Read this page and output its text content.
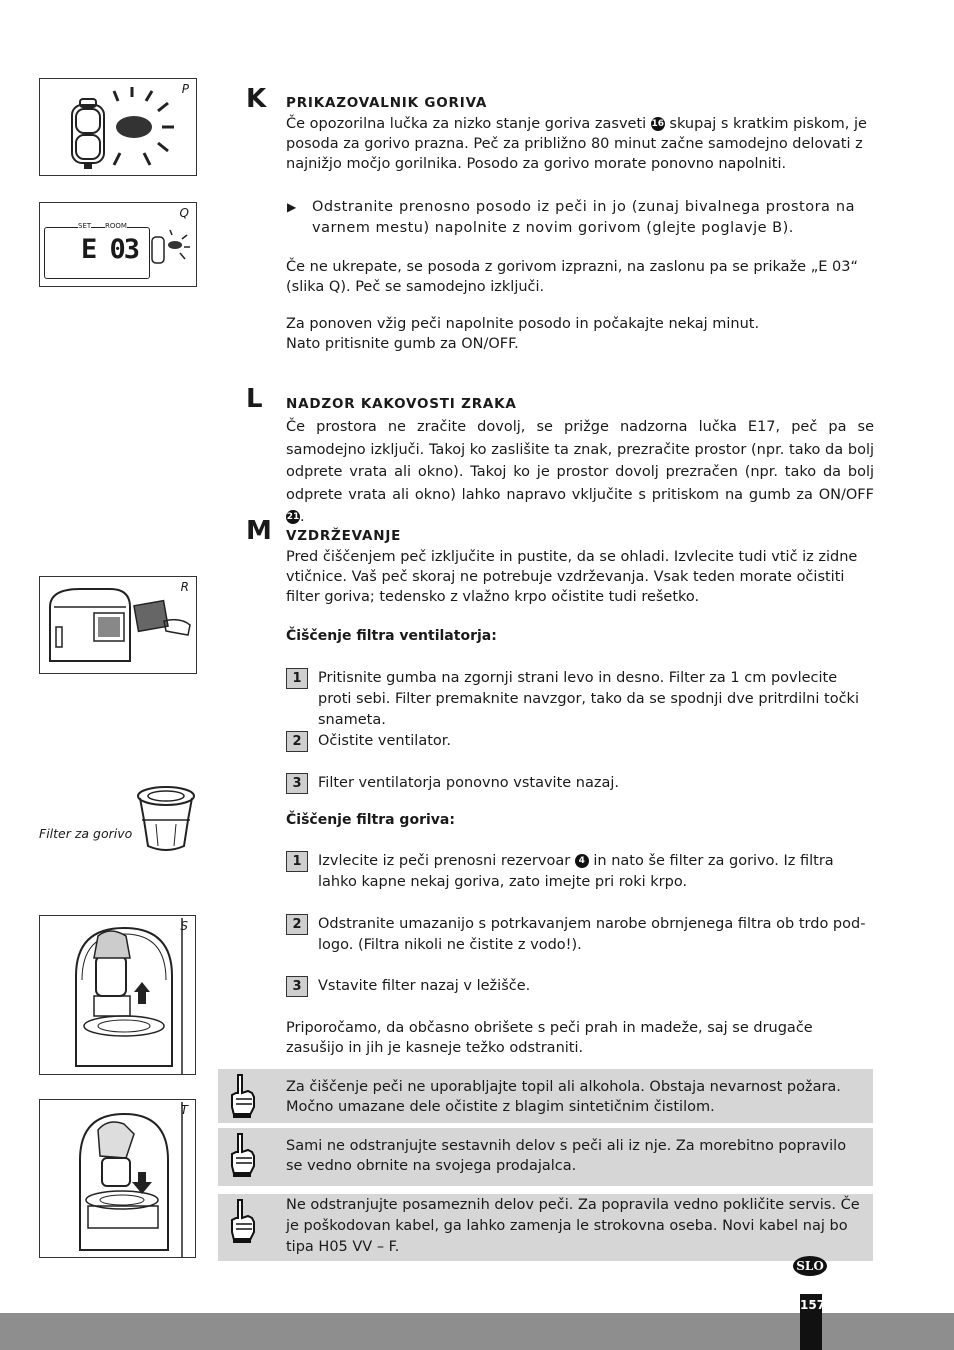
P
Q
SET ROOM
E 03
R
Filter za gorivo
S
T
K PRIKAZOVALNIK GORIVA
Če opozorilna lučka za nizko stanje goriva zasveti 16 skupaj s kratkim piskom, je posoda za gorivo prazna. Peč za približno 80 minut začne samodejno delovati z najnižjo močjo gorilnika. Posodo za gorivo morate ponovno napolniti.
▶ Odstranite prenosno posodo iz peči in jo (zunaj bivalnega prostora na varnem mestu) napolnite z novim gorivom (glejte poglavje B).
Če ne ukrepate, se posoda z gorivom izprazni, na zaslonu pa se prikaže „E 03“ (slika Q). Peč se samodejno izključi.
Za ponoven vžig peči napolnite posodo in počakajte nekaj minut.
Nato pritisnite gumb za ON/OFF.
L NADZOR KAKOVOSTI ZRAKA
Če prostora ne zračite dovolj, se prižge nadzorna lučka E17, peč pa se samodejno izključi. Takoj ko zaslišite ta znak, prezračite prostor (npr. tako da bolj odprete vrata ali okno). Takoj ko je prostor dovolj prezračen (npr. tako da bolj odprete vrata ali okno) lahko napravo vključite s pritiskom na gumb za ON/OFF 21.
M VZDRŽEVANJE
Pred čiščenjem peč izključite in pustite, da se ohladi. Izvlecite tudi vtič iz zidne vtičnice. Vaš peč skoraj ne potrebuje vzdrževanja. Vsak teden morate očistiti filter goriva; tedensko z vlažno krpo očistite tudi rešetko.
Čiščenje filtra ventilatorja:
1	Pritisnite gumba na zgornji strani levo in desno. Filter za 1 cm povlecite proti sebi. Filter premaknite navzgor, tako da se spodnji dve pritrdilni točki snameta.
2	Očistite ventilator.
3	Filter ventilatorja ponovno vstavite nazaj.
Čiščenje filtra goriva:
1	Izvlecite iz peči prenosni rezervoar 4 in nato še filter za gorivo. Iz filtra lahko kapne nekaj goriva, zato imejte pri roki krpo.
2	Odstranite umazanijo s potrkavanjem narobe obrnjenega filtra ob trdo pod-logo. (Filtra nikoli ne čistite z vodo!).
3	Vstavite filter nazaj v ležišče.
Priporočamo, da občasno obrišete s peči prah in madeže, saj se drugače zasušijo in jih je kasneje težko odstraniti.
Za čiščenje peči ne uporabljajte topil ali alkohola. Obstaja nevarnost požara. Močno umazane dele očistite z blagim sintetičnim čistilom.
Sami ne odstranjujte sestavnih delov s peči ali iz nje. Za morebitno popravilo se vedno obrnite na svojega prodajalca.
Ne odstranjujte posameznih delov peči. Za popravila vedno pokličite servis. Če je poškodovan kabel, ga lahko zamenja le strokovna oseba. Novi kabel naj bo tipa H05 VV – F.
SLO
157
